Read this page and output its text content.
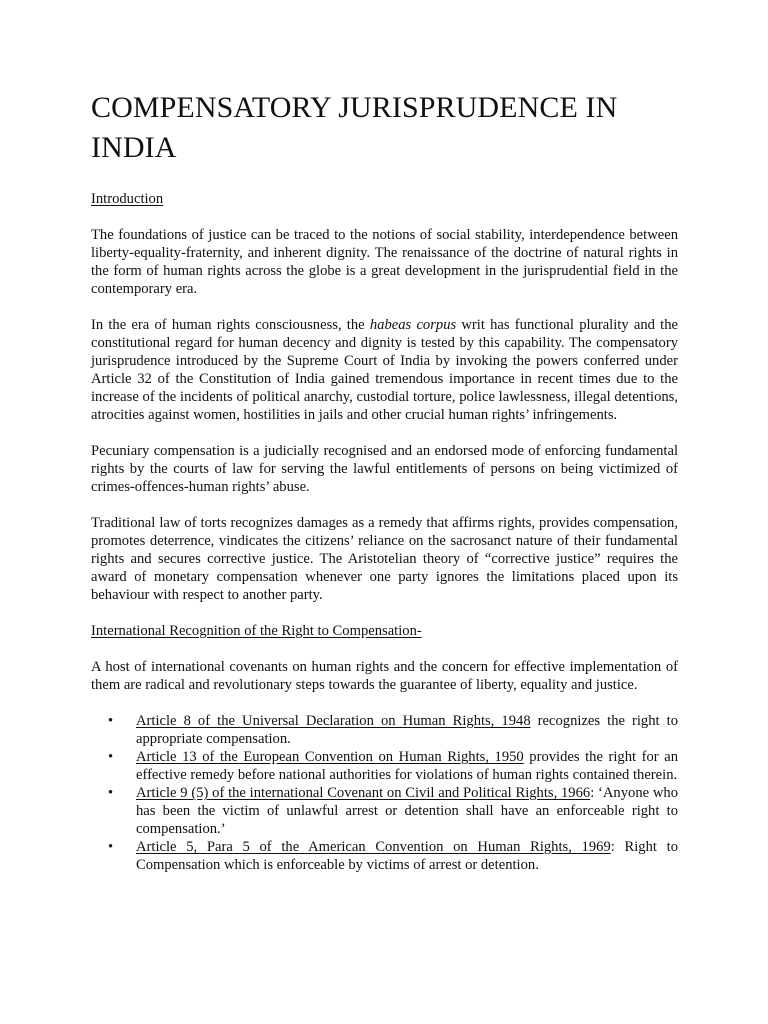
COMPENSATORY JURISPRUDENCE IN INDIA
Introduction

The foundations of justice can be traced to the notions of social stability, interdependence between liberty-equality-fraternity, and inherent dignity. The renaissance of the doctrine of natural rights in the form of human rights across the globe is a great development in the jurisprudential field in the contemporary era.

In the era of human rights consciousness, the habeas corpus writ has functional plurality and the constitutional regard for human decency and dignity is tested by this capability. The compensatory jurisprudence introduced by the Supreme Court of India by invoking the powers conferred under Article 32 of the Constitution of India gained tremendous importance in recent times due to the increase of the incidents of political anarchy, custodial torture, police lawlessness, illegal detentions, atrocities against women, hostilities in jails and other crucial human rights’ infringements.

Pecuniary compensation is a judicially recognised and an endorsed mode of enforcing fundamental rights by the courts of law for serving the lawful entitlements of persons on being victimized of crimes-offences-human rights’ abuse.

Traditional law of torts recognizes damages as a remedy that affirms rights, provides compensation, promotes deterrence, vindicates the citizens’ reliance on the sacrosanct nature of their fundamental rights and secures corrective justice. The Aristotelian theory of “corrective justice” requires the award of monetary compensation whenever one party ignores the limitations placed upon its behaviour with respect to another party.

International Recognition of the Right to Compensation-

A host of international covenants on human rights and the concern for effective implementation of them are radical and revolutionary steps towards the guarantee of liberty, equality and justice.

•	Article 8 of the Universal Declaration on Human Rights, 1948 recognizes the right to appropriate compensation.
•	Article 13 of the European Convention on Human Rights, 1950 provides the right for an effective remedy before national authorities for violations of human rights contained therein.
•	Article 9 (5) of the international Covenant on Civil and Political Rights, 1966: ‘Anyone who has been the victim of unlawful arrest or detention shall have an enforceable right to compensation.’
•	Article 5, Para 5 of the American Convention on Human Rights, 1969: Right to Compensation which is enforceable by victims of arrest or detention.
